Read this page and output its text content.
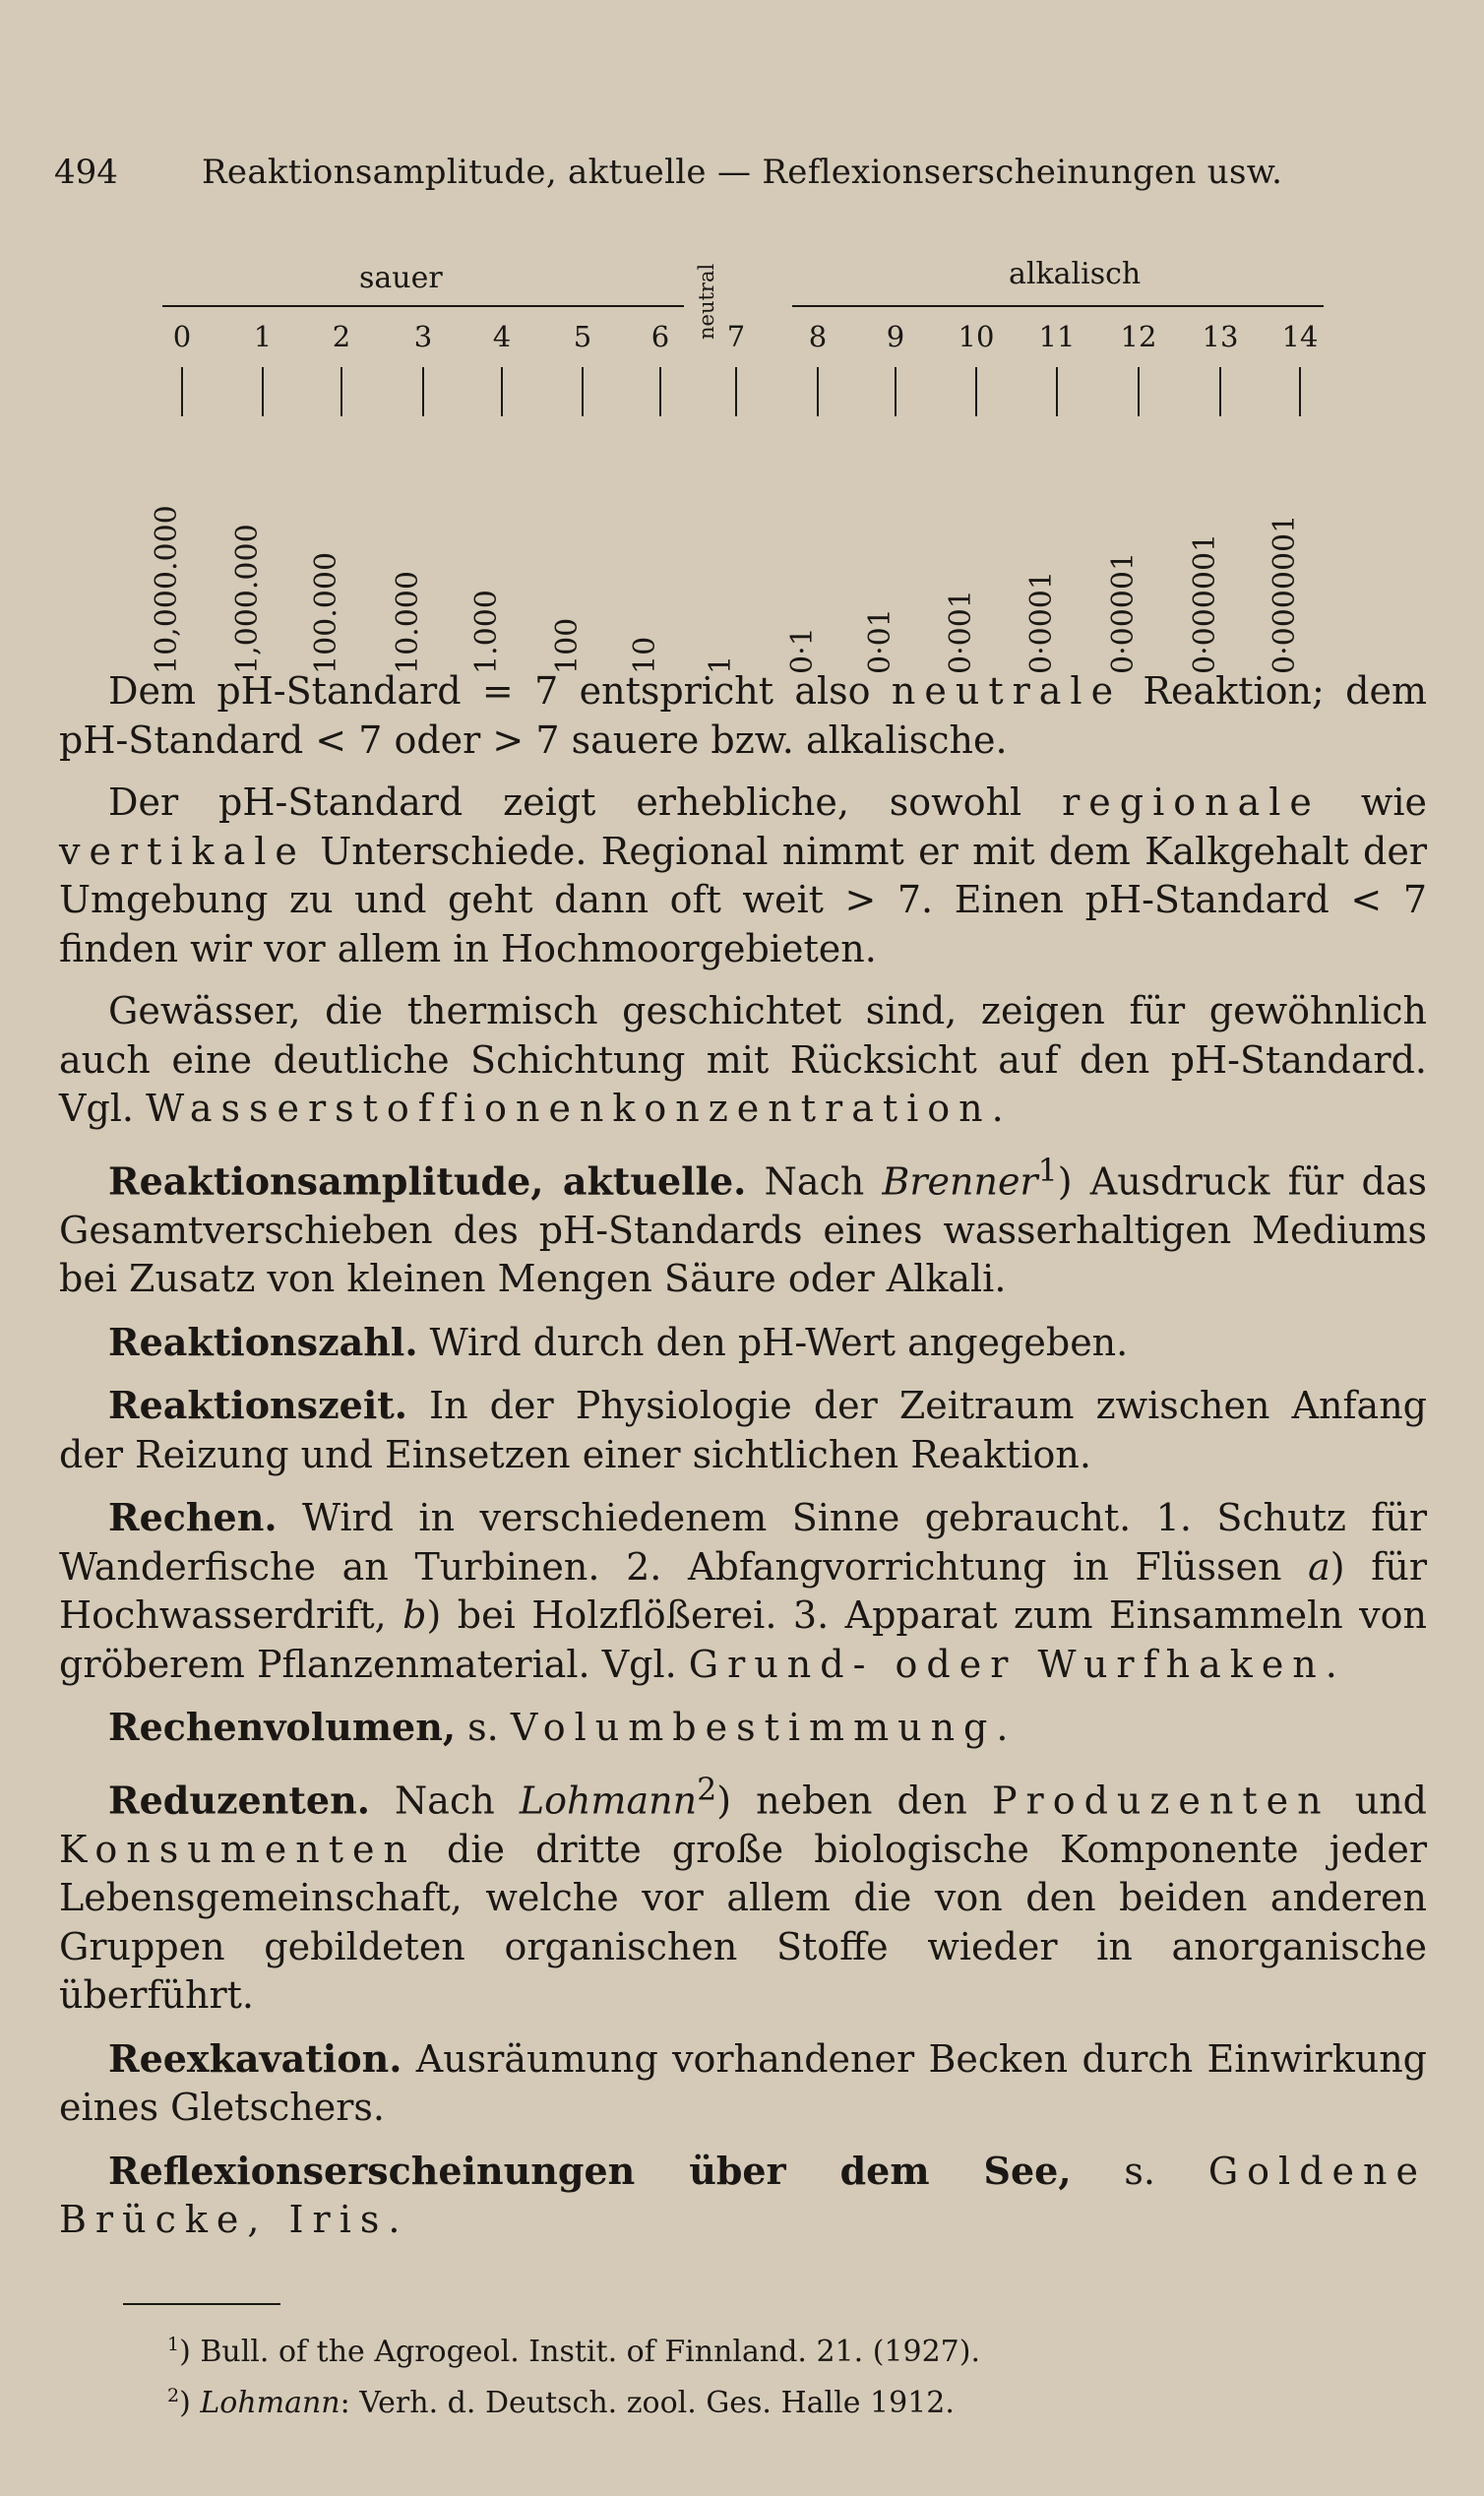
494	Reaktionsamplitude, aktuelle — Reflexionserscheinungen usw.
sauer	alkalisch
neutral
0
10,000.000
1
1,000.000
2
100.000
3
10.000
4
1.000
5
100
6
10
7
1
8
0·1
9
0·01
10
0·001
11
0·0001
12
0·00001
13
0·000001
14
0·0000001

Dem pH-Standard = 7 entspricht also neutrale Reaktion; dem pH-Standard < 7 oder > 7 sauere bzw. alkalische.

Der pH-Standard zeigt erhebliche, sowohl regionale wie vertikale Unterschiede. Regional nimmt er mit dem Kalkgehalt der Umgebung zu und geht dann oft weit > 7. Einen pH-Standard < 7 finden wir vor allem in Hochmoorgebieten.

Gewässer, die thermisch geschichtet sind, zeigen für gewöhnlich auch eine deutliche Schichtung mit Rücksicht auf den pH-Standard. Vgl. Wasserstoffionenkonzentration.

Reaktionsamplitude, aktuelle. Nach Brenner$^1$) Ausdruck für das Gesamtverschieben des pH-Standards eines wasserhaltigen Mediums bei Zusatz von kleinen Mengen Säure oder Alkali.

Reaktionszahl. Wird durch den pH-Wert angegeben.

Reaktionszeit. In der Physiologie der Zeitraum zwischen Anfang der Reizung und Einsetzen einer sichtlichen Reaktion.

Rechen. Wird in verschiedenem Sinne gebraucht. 1. Schutz für Wanderfische an Turbinen. 2. Abfangvorrichtung in Flüssen a) für Hochwasserdrift, b) bei Holzflößerei. 3. Apparat zum Einsammeln von gröberem Pflanzenmaterial. Vgl. Grund- oder Wurfhaken.

Rechenvolumen, s. Volumbestimmung.

Reduzenten. Nach Lohmann$^2$) neben den Produzenten und Konsumenten die dritte große biologische Komponente jeder Lebensgemeinschaft, welche vor allem die von den beiden anderen Gruppen gebildeten organischen Stoffe wieder in anorganische überführt.

Reexkavation. Ausräumung vorhandener Becken durch Einwirkung eines Gletschers.

Reflexionserscheinungen über dem See, s. Goldene Brücke, Iris.

$^1$) Bull. of the Agrogeol. Instit. of Finnland. 21. (1927).
$^2$) Lohmann: Verh. d. Deutsch. zool. Ges. Halle 1912.
